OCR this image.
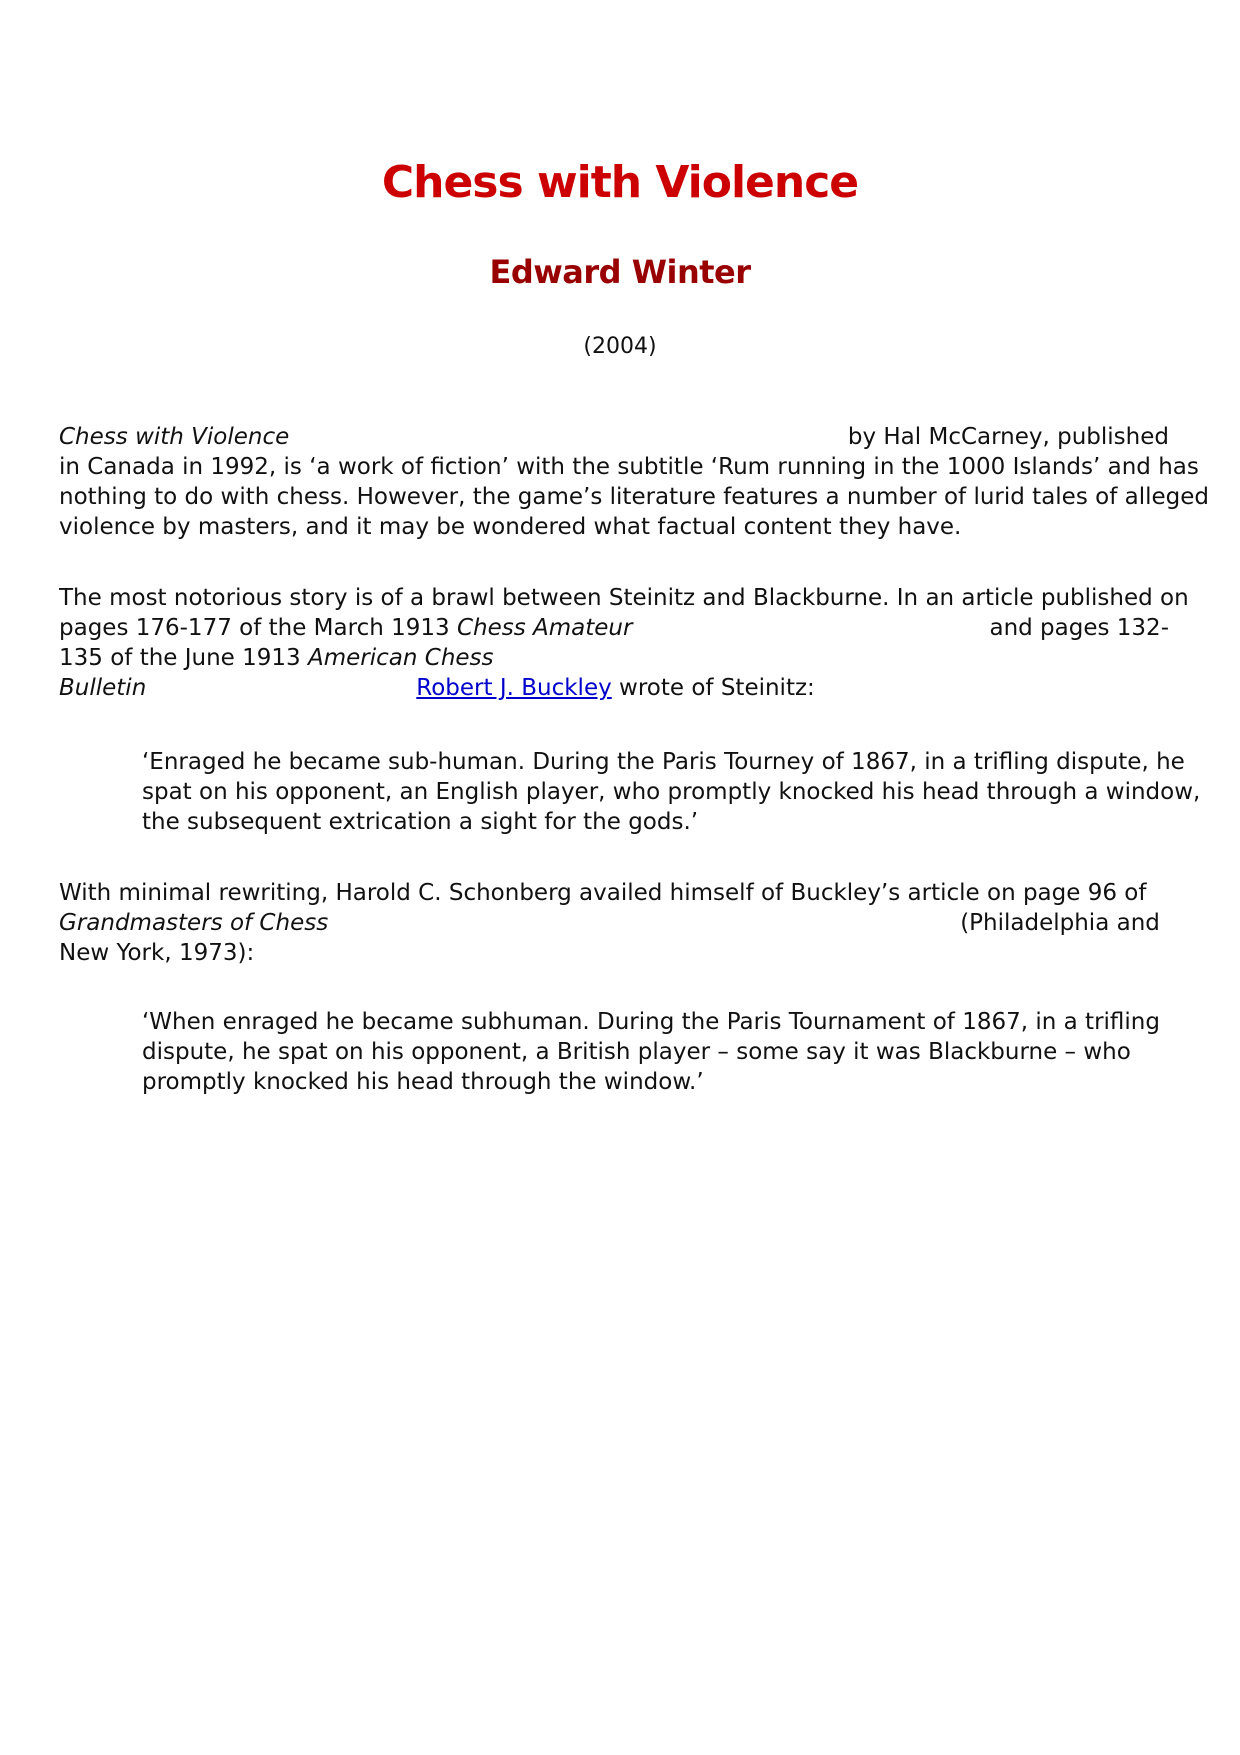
Chess with Violence
Edward Winter
(2004)
Chess with Violence	by Hal McCarney, published
in Canada in 1992, is ‘a work of fiction’ with the subtitle ‘Rum running in the 1000 Islands’ and has
nothing to do with chess. However, the game’s literature features a number of lurid tales of alleged
violence by masters, and it may be wondered what factual content they have.
The most notorious story is of a brawl between Steinitz and Blackburne. In an article published on
pages 176-177 of the March 1913 Chess Amateur	and pages 132-
135 of the June 1913 American Chess
Bulletin	Robert J. Buckley wrote of Steinitz:
‘Enraged he became sub-human. During the Paris Tourney of 1867, in a trifling dispute, he
spat on his opponent, an English player, who promptly knocked his head through a window,
the subsequent extrication a sight for the gods.’
With minimal rewriting, Harold C. Schonberg availed himself of Buckley’s article on page 96 of
Grandmasters of Chess	(Philadelphia and
New York, 1973):
‘When enraged he became subhuman. During the Paris Tournament of 1867, in a trifling
dispute, he spat on his opponent, a British player – some say it was Blackburne – who
promptly knocked his head through the window.’
